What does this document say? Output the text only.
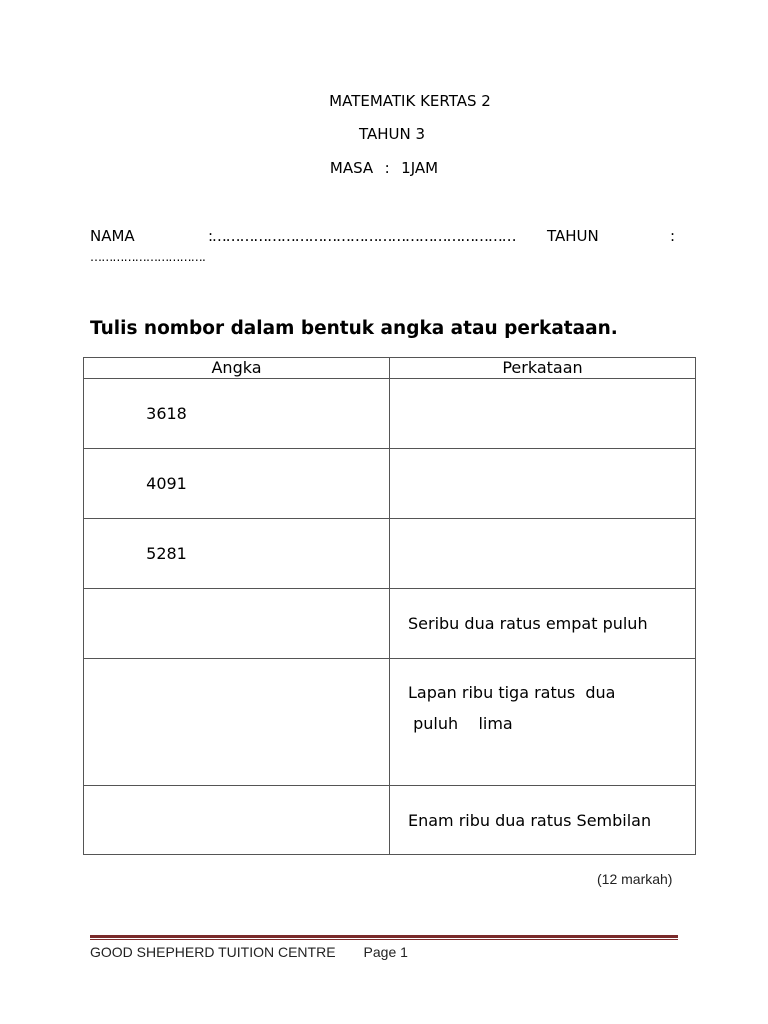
MATEMATIK KERTAS 2
TAHUN 3
MASA : 1JAM
NAMA	:………………………………………………………… TAHUN	:
………………………….
Tulis nombor dalam bentuk angka atau perkataan.
Angka	Perkataan
3618	
4091	
5281	
	Seribu dua ratus empat puluh

	Lapan ribu tiga ratus  dua
puluh    lima

	Enam ribu dua ratus Sembilan
(12 markah)
GOOD SHEPHERD TUITION CENTRE Page 1
